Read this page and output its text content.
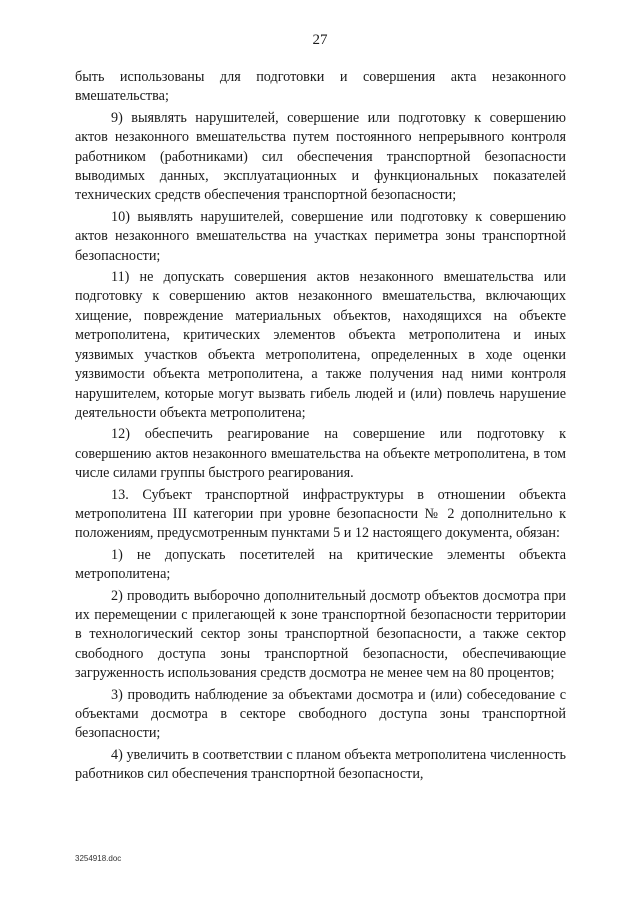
27

быть использованы для подготовки и совершения акта незаконного вмешательства;

9) выявлять нарушителей, совершение или подготовку к совершению актов незаконного вмешательства путем постоянного непрерывного контроля работником (работниками) сил обеспечения транспортной безопасности выводимых данных, эксплуатационных и функциональных показателей технических средств обеспечения транспортной безопасности;

10) выявлять нарушителей, совершение или подготовку к совершению актов незаконного вмешательства на участках периметра зоны транспортной безопасности;

11) не допускать совершения актов незаконного вмешательства или подготовку к совершению актов незаконного вмешательства, включающих хищение, повреждение материальных объектов, находящихся на объекте метрополитена, критических элементов объекта метрополитена и иных уязвимых участков объекта метрополитена, определенных в ходе оценки уязвимости объекта метрополитена, а также получения над ними контроля нарушителем, которые могут вызвать гибель людей и (или) повлечь нарушение деятельности объекта метрополитена;

12) обеспечить реагирование на совершение или подготовку к совершению актов незаконного вмешательства на объекте метрополитена, в том числе силами группы быстрого реагирования.

13. Субъект транспортной инфраструктуры в отношении объекта метрополитена III категории при уровне безопасности № 2 дополнительно к положениям, предусмотренным пунктами 5 и 12 настоящего документа, обязан:

1) не допускать посетителей на критические элементы объекта метрополитена;

2) проводить выборочно дополнительный досмотр объектов досмотра при их перемещении с прилегающей к зоне транспортной безопасности территории в технологический сектор зоны транспортной безопасности, а также сектор свободного доступа зоны транспортной безопасности, обеспечивающие загруженность использования средств досмотра не менее чем на 80 процентов;

3) проводить наблюдение за объектами досмотра и (или) собеседование с объектами досмотра в секторе свободного доступа зоны транспортной безопасности;

4) увеличить в соответствии с планом объекта метрополитена численность работников сил обеспечения транспортной безопасности,

3254918.doc
